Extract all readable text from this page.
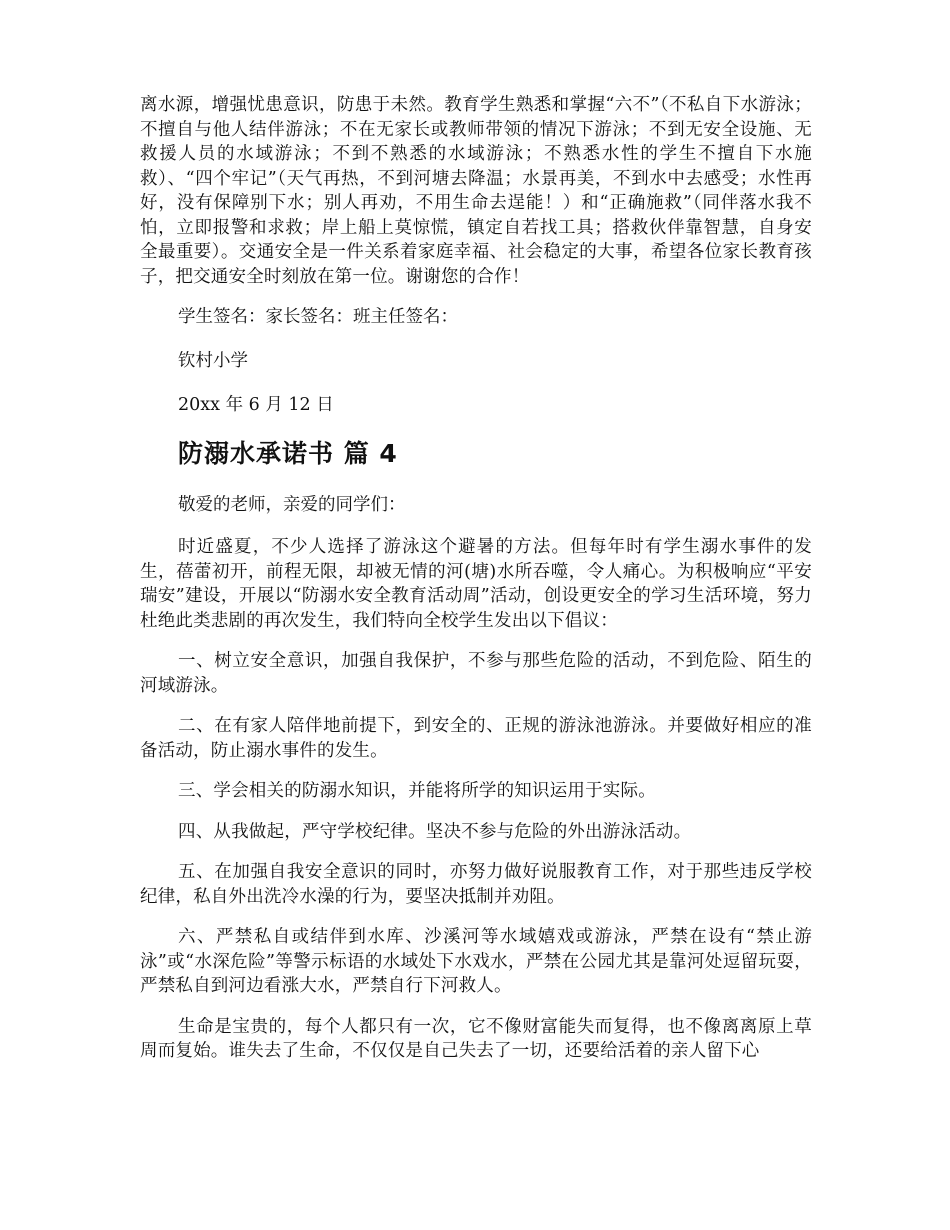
离水源，增强忧患意识，防患于未然。教育学生熟悉和掌握“六不”（不私自下水游泳；不擅自与他人结伴游泳；不在无家长或教师带领的情况下游泳；不到无安全设施、无救援人员的水域游泳；不到不熟悉的水域游泳；不熟悉水性的学生不擅自下水施救）、“四个牢记”（天气再热，不到河塘去降温；水景再美，不到水中去感受；水性再好，没有保障别下水；别人再劝，不用生命去逞能！）和“正确施救”（同伴落水我不怕，立即报警和求救；岸上船上莫惊慌，镇定自若找工具；搭救伙伴靠智慧，自身安全最重要）。交通安全是一件关系着家庭幸福、社会稳定的大事，希望各位家长教育孩子，把交通安全时刻放在第一位。谢谢您的合作！

学生签名：家长签名：班主任签名：

钦村小学

20xx 年 6 月 12 日

防溺水承诺书 篇 4

敬爱的老师，亲爱的同学们：

时近盛夏，不少人选择了游泳这个避暑的方法。但每年时有学生溺水事件的发生，蓓蕾初开，前程无限，却被无情的河(塘)水所吞噬，令人痛心。为积极响应“平安瑞安”建设，开展以“防溺水安全教育活动周”活动，创设更安全的学习生活环境，努力杜绝此类悲剧的再次发生，我们特向全校学生发出以下倡议：

一、树立安全意识，加强自我保护，不参与那些危险的活动，不到危险、陌生的河域游泳。

二、在有家人陪伴地前提下，到安全的、正规的游泳池游泳。并要做好相应的准备活动，防止溺水事件的发生。

三、学会相关的防溺水知识，并能将所学的知识运用于实际。

四、从我做起，严守学校纪律。坚决不参与危险的外出游泳活动。

五、在加强自我安全意识的同时，亦努力做好说服教育工作，对于那些违反学校纪律，私自外出洗冷水澡的行为，要坚决抵制并劝阻。

六、严禁私自或结伴到水库、沙溪河等水域嬉戏或游泳，严禁在设有“禁止游泳”或“水深危险”等警示标语的水域处下水戏水，严禁在公园尤其是靠河处逗留玩耍，严禁私自到河边看涨大水，严禁自行下河救人。

生命是宝贵的，每个人都只有一次，它不像财富能失而复得，也不像离离原上草周而复始。谁失去了生命，不仅仅是自己失去了一切，还要给活着的亲人留下心
